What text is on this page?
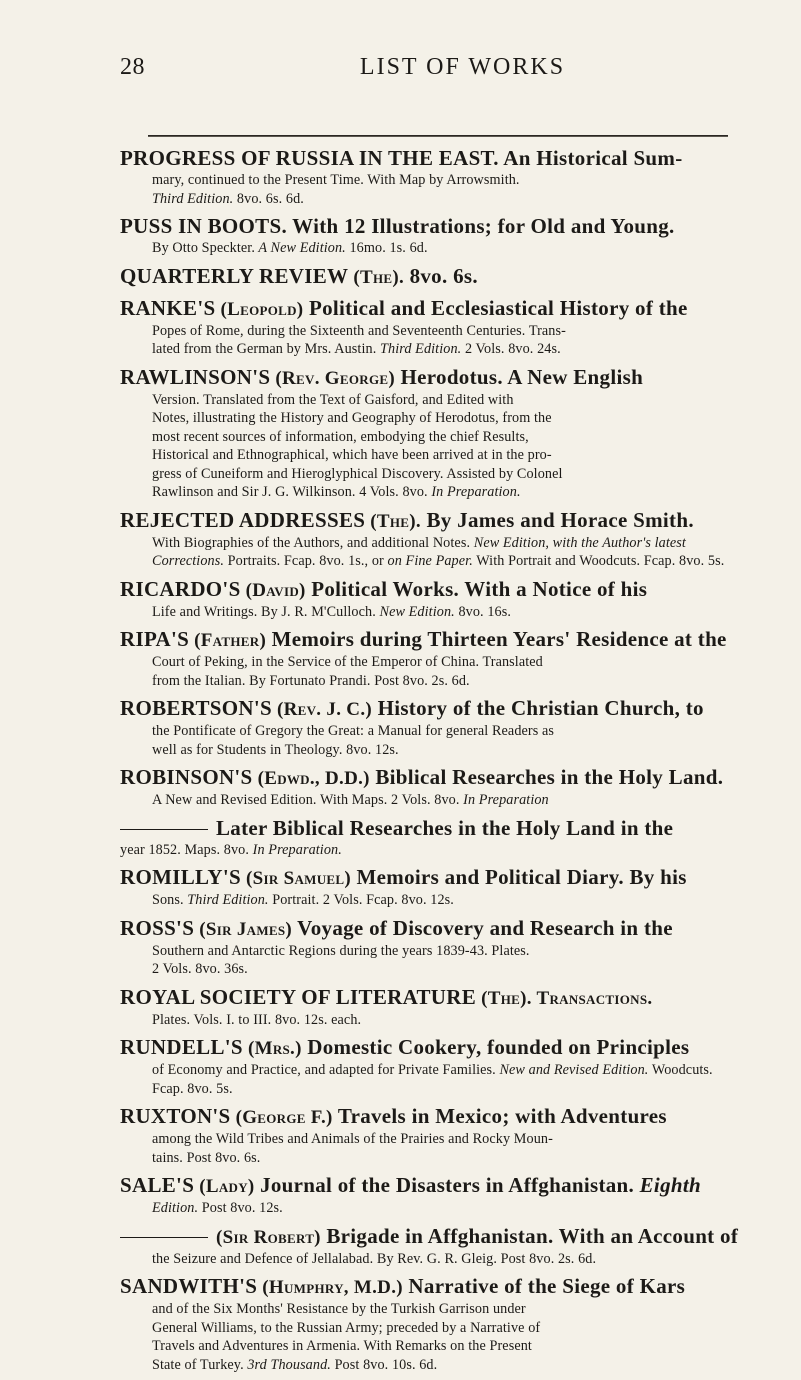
28	LIST OF WORKS

PROGRESS OF RUSSIA IN THE EAST. An Historical Sum-

mary, continued to the Present Time. With Map by Arrowsmith.
Third Edition. 8vo. 6s. 6d.

PUSS IN BOOTS. With 12 Illustrations; for Old and Young.

By Otto Speckter. A New Edition. 16mo. 1s. 6d.

QUARTERLY REVIEW (The). 8vo. 6s.

RANKE'S (Leopold) Political and Ecclesiastical History of the

Popes of Rome, during the Sixteenth and Seventeenth Centuries. Trans-
lated from the German by Mrs. Austin. Third Edition. 2 Vols. 8vo. 24s.

RAWLINSON'S (Rev. George) Herodotus. A New English

Version. Translated from the Text of Gaisford, and Edited with
Notes, illustrating the History and Geography of Herodotus, from the
most recent sources of information, embodying the chief Results,
Historical and Ethnographical, which have been arrived at in the pro-
gress of Cuneiform and Hieroglyphical Discovery. Assisted by Colonel
Rawlinson and Sir J. G. Wilkinson. 4 Vols. 8vo. In Preparation.

REJECTED ADDRESSES (The). By James and Horace Smith.

With Biographies of the Authors, and additional Notes. New Edition, with the Author's latest Corrections. Portraits. Fcap. 8vo. 1s., or on Fine Paper. With Portrait and Woodcuts. Fcap. 8vo. 5s.

RICARDO'S (David) Political Works. With a Notice of his

Life and Writings. By J. R. M'Culloch. New Edition. 8vo. 16s.

RIPA'S (Father) Memoirs during Thirteen Years' Residence at the

Court of Peking, in the Service of the Emperor of China. Translated
from the Italian. By Fortunato Prandi. Post 8vo. 2s. 6d.

ROBERTSON'S (Rev. J. C.) History of the Christian Church, to

the Pontificate of Gregory the Great: a Manual for general Readers as
well as for Students in Theology. 8vo. 12s.

ROBINSON'S (Edwd., D.D.) Biblical Researches in the Holy Land.

A New and Revised Edition. With Maps. 2 Vols. 8vo. In Preparation

Later Biblical Researches in the Holy Land in the

year 1852. Maps. 8vo. In Preparation.

ROMILLY'S (Sir Samuel) Memoirs and Political Diary. By his

Sons. Third Edition. Portrait. 2 Vols. Fcap. 8vo. 12s.

ROSS'S (Sir James) Voyage of Discovery and Research in the

Southern and Antarctic Regions during the years 1839-43. Plates.
2 Vols. 8vo. 36s.

ROYAL SOCIETY OF LITERATURE (The). Transactions.

Plates. Vols. I. to III. 8vo. 12s. each.

RUNDELL'S (Mrs.) Domestic Cookery, founded on Principles

of Economy and Practice, and adapted for Private Families. New and Revised Edition. Woodcuts. Fcap. 8vo. 5s.

RUXTON'S (George F.) Travels in Mexico; with Adventures

among the Wild Tribes and Animals of the Prairies and Rocky Moun-
tains. Post 8vo. 6s.

SALE'S (Lady) Journal of the Disasters in Affghanistan. Eighth

Edition. Post 8vo. 12s.

(Sir Robert) Brigade in Affghanistan. With an Account of

the Seizure and Defence of Jellalabad. By Rev. G. R. Gleig. Post 8vo. 2s. 6d.

SANDWITH'S (Humphry, M.D.) Narrative of the Siege of Kars

and of the Six Months' Resistance by the Turkish Garrison under
General Williams, to the Russian Army; preceded by a Narrative of
Travels and Adventures in Armenia. With Remarks on the Present
State of Turkey. 3rd Thousand. Post 8vo. 10s. 6d.
